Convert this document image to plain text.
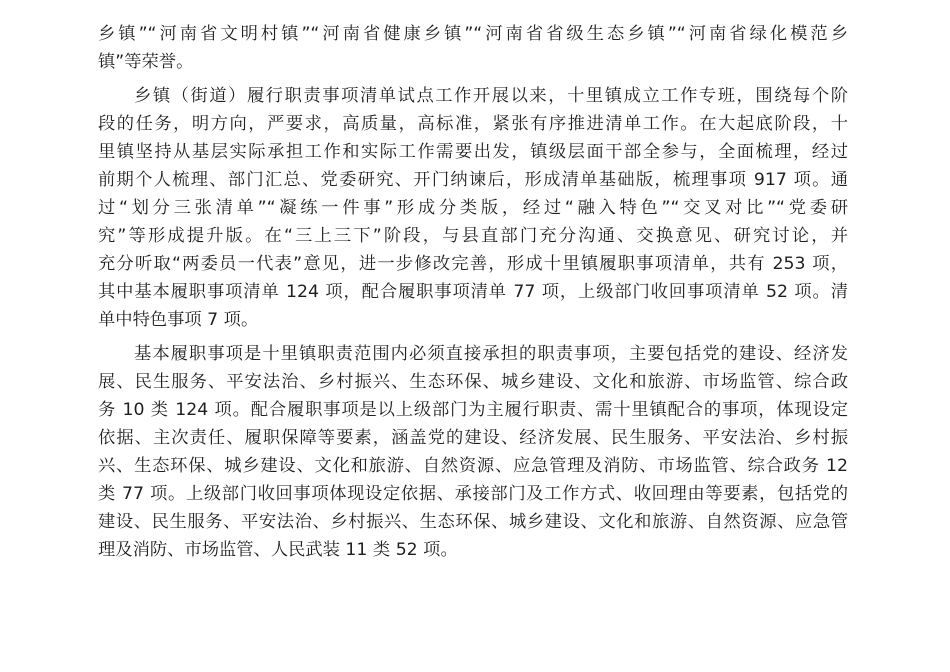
乡镇”“河南省文明村镇”“河南省健康乡镇”“河南省省级生态乡镇”“河南省绿化模范乡
镇”等荣誉。
乡镇（街道）履行职责事项清单试点工作开展以来，十里镇成立工作专班，围绕每个阶
段的任务，明方向，严要求，高质量，高标准，紧张有序推进清单工作。在大起底阶段，十
里镇坚持从基层实际承担工作和实际工作需要出发，镇级层面干部全参与，全面梳理，经过
前期个人梳理、部门汇总、党委研究、开门纳谏后，形成清单基础版，梳理事项 917 项。通
过“划分三张清单”“凝练一件事”形成分类版，经过“融入特色”“交叉对比”“党委研
究”等形成提升版。在“三上三下”阶段，与县直部门充分沟通、交换意见、研究讨论，并
充分听取“两委员一代表”意见，进一步修改完善，形成十里镇履职事项清单，共有 253 项，
其中基本履职事项清单 124 项，配合履职事项清单 77 项，上级部门收回事项清单 52 项。清
单中特色事项 7 项。
基本履职事项是十里镇职责范围内必须直接承担的职责事项，主要包括党的建设、经济发
展、民生服务、平安法治、乡村振兴、生态环保、城乡建设、文化和旅游、市场监管、综合政
务 10 类 124 项。配合履职事项是以上级部门为主履行职责、需十里镇配合的事项，体现设定
依据、主次责任、履职保障等要素，涵盖党的建设、经济发展、民生服务、平安法治、乡村振
兴、生态环保、城乡建设、文化和旅游、自然资源、应急管理及消防、市场监管、综合政务 12
类 77 项。上级部门收回事项体现设定依据、承接部门及工作方式、收回理由等要素，包括党的
建设、民生服务、平安法治、乡村振兴、生态环保、城乡建设、文化和旅游、自然资源、应急管
理及消防、市场监管、人民武装 11 类 52 项。
